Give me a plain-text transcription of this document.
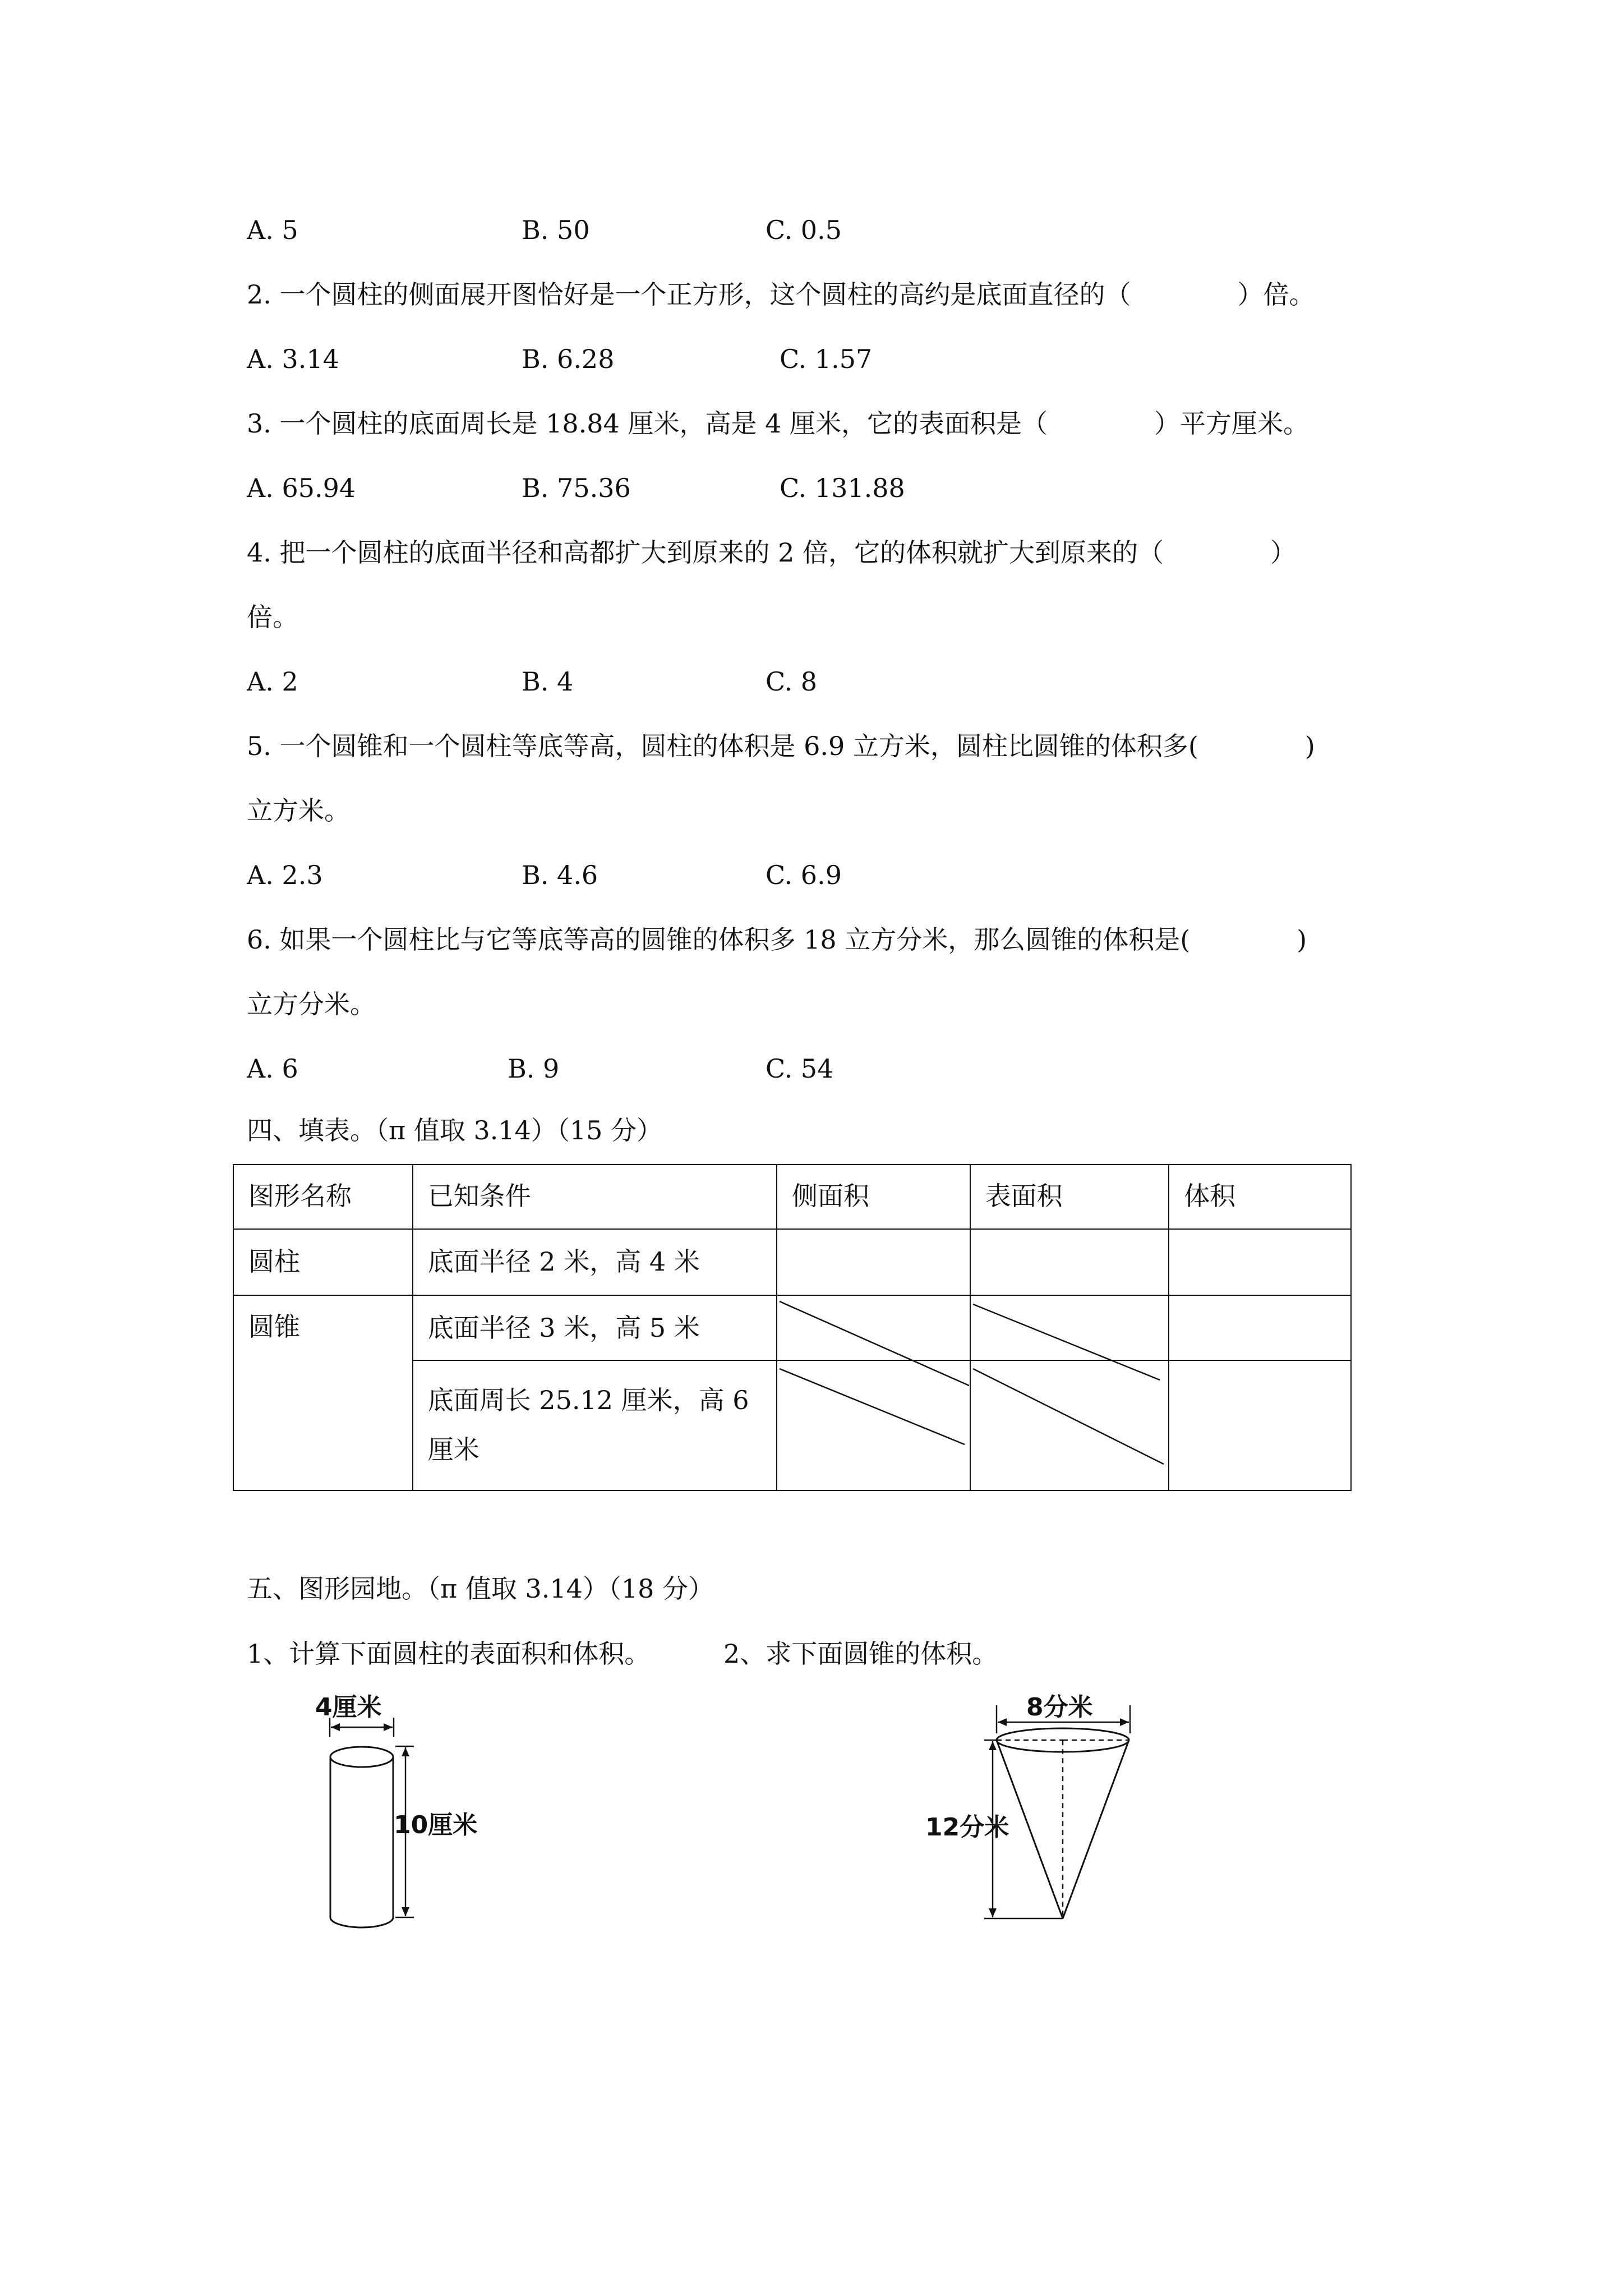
A. 5	B. 50	C. 0.5
2. 一个圆柱的侧面展开图恰好是一个正方形，这个圆柱的高约是底面直径的（	）倍。
A. 3.14	B. 6.28	C. 1.57
3. 一个圆柱的底面周长是 18.84 厘米，高是 4 厘米，它的表面积是（	）平方厘米。
A. 65.94	B. 75.36	C. 131.88
4. 把一个圆柱的底面半径和高都扩大到原来的 2 倍，它的体积就扩大到原来的（	）
倍。
A. 2	B. 4	C. 8
5. 一个圆锥和一个圆柱等底等高，圆柱的体积是 6.9 立方米，圆柱比圆锥的体积多(	)
立方米。
A. 2.3	B. 4.6	C. 6.9
6. 如果一个圆柱比与它等底等高的圆锥的体积多 18 立方分米，那么圆锥的体积是(	)
立方分米。
A. 6	B. 9	C. 54
四、填表。（π 值取 3.14）（15 分）
图形名称	已知条件	侧面积	表面积	体积
圆柱	底面半径 2 米，高 4 米			
圆锥	底面半径 3 米，高 5 米			
	底面周长 25.12 厘米，高 6
厘米			
五、图形园地。（π 值取 3.14）（18 分）
1、计算下面圆柱的表面积和体积。	2、求下面圆锥的体积。
4厘米
10厘米
8分米
12分米
